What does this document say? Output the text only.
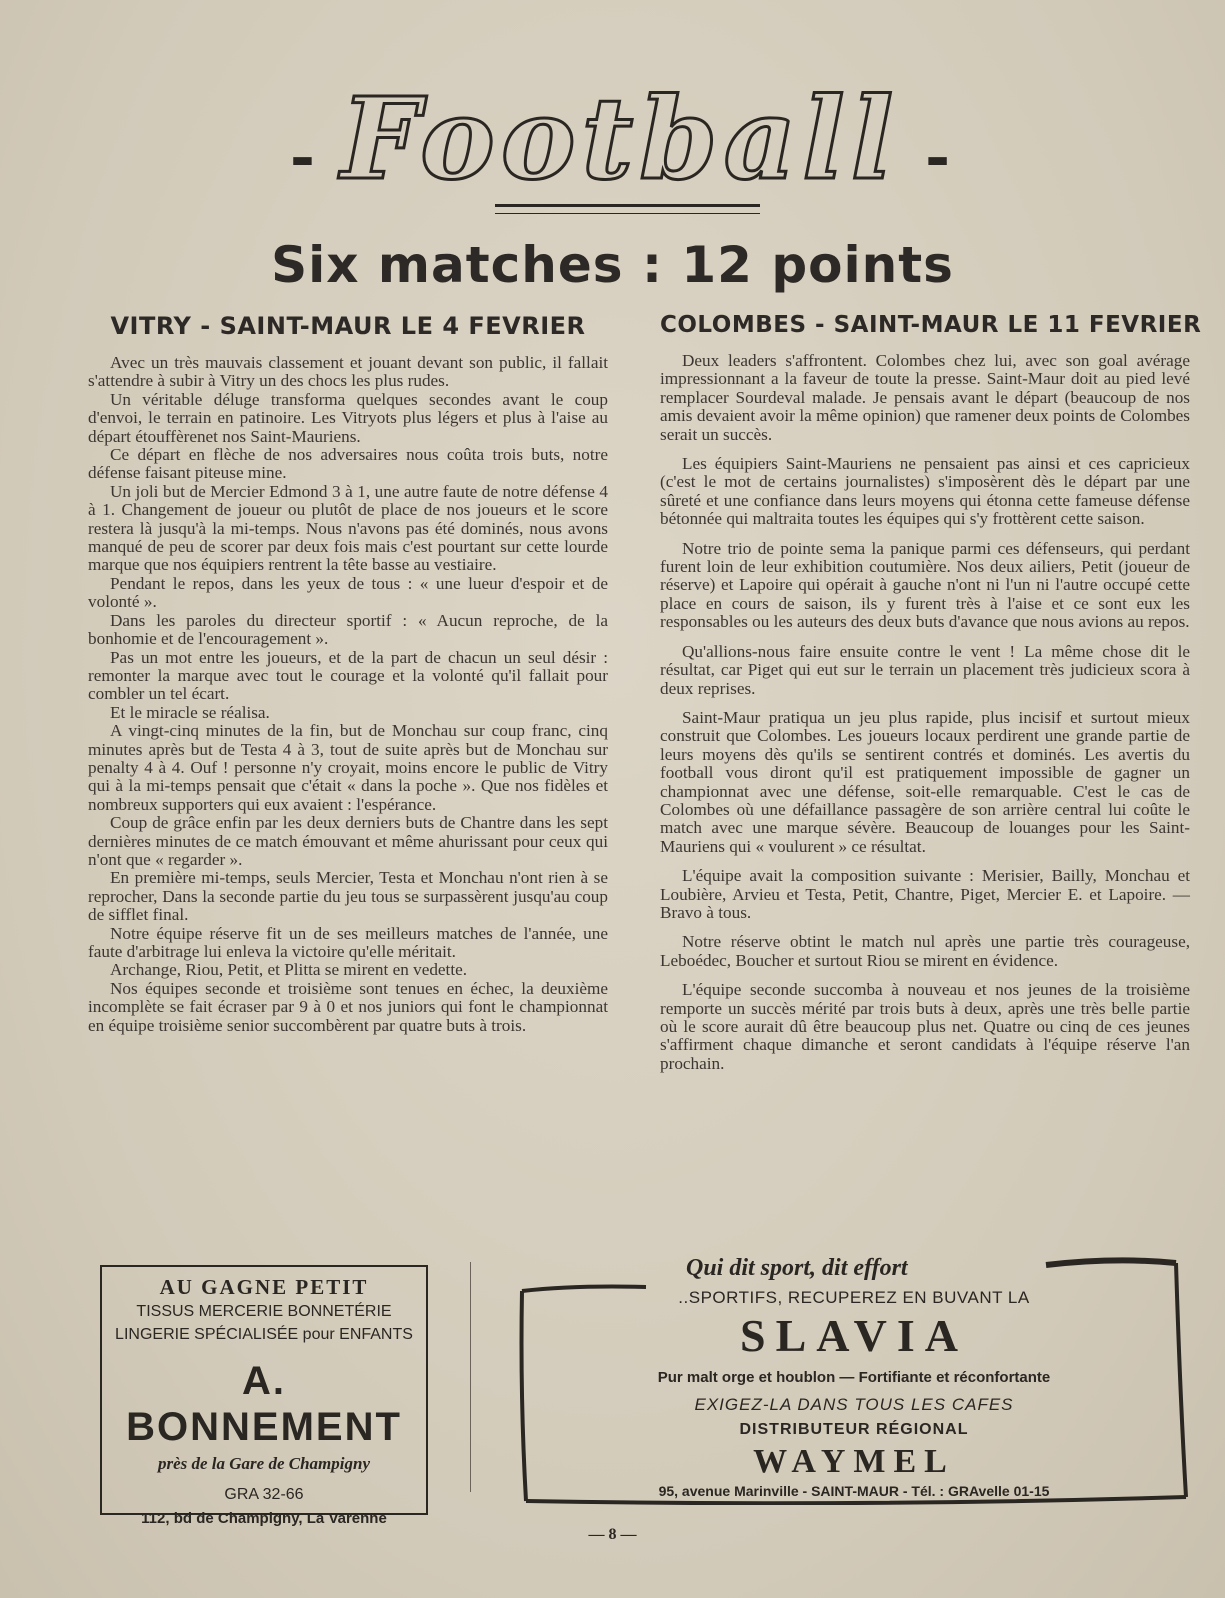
- Football -
Six matches : 12 points
VITRY - SAINT-MAUR LE 4 FEVRIER

Avec un très mauvais classement et jouant devant son public, il fallait s'attendre à subir à Vitry un des chocs les plus rudes.

Un véritable déluge transforma quelques secondes avant le coup d'envoi, le terrain en patinoire. Les Vitryots plus légers et plus à l'aise au départ étouffèrenet nos Saint-Mauriens.

Ce départ en flèche de nos adversaires nous coûta trois buts, notre défense faisant piteuse mine.

Un joli but de Mercier Edmond 3 à 1, une autre faute de notre défense 4 à 1. Changement de joueur ou plutôt de place de nos joueurs et le score restera là jusqu'à la mi-temps. Nous n'avons pas été dominés, nous avons manqué de peu de scorer par deux fois mais c'est pourtant sur cette lourde marque que nos équipiers rentrent la tête basse au vestiaire.

Pendant le repos, dans les yeux de tous : « une lueur d'espoir et de volonté ».

Dans les paroles du directeur sportif : « Aucun reproche, de la bonhomie et de l'encouragement ».

Pas un mot entre les joueurs, et de la part de chacun un seul désir : remonter la marque avec tout le courage et la volonté qu'il fallait pour combler un tel écart.

Et le miracle se réalisa.

A vingt-cinq minutes de la fin, but de Monchau sur coup franc, cinq minutes après but de Testa 4 à 3, tout de suite après but de Monchau sur penalty 4 à 4. Ouf ! personne n'y croyait, moins encore le public de Vitry qui à la mi-temps pensait que c'était « dans la poche ». Que nos fidèles et nombreux supporters qui eux avaient : l'espérance.

Coup de grâce enfin par les deux derniers buts de Chantre dans les sept dernières minutes de ce match émouvant et même ahurissant pour ceux qui n'ont que « regarder ».

En première mi-temps, seuls Mercier, Testa et Monchau n'ont rien à se reprocher, Dans la seconde partie du jeu tous se surpassèrent jusqu'au coup de sifflet final.

Notre équipe réserve fit un de ses meilleurs matches de l'année, une faute d'arbitrage lui enleva la victoire qu'elle méritait.

Archange, Riou, Petit, et Plitta se mirent en vedette.

Nos équipes seconde et troisième sont tenues en échec, la deuxième incomplète se fait écraser par 9 à 0 et nos juniors qui font le championnat en équipe troisième senior succombèrent par quatre buts à trois.

COLOMBES - SAINT-MAUR LE 11 FEVRIER

Deux leaders s'affrontent. Colombes chez lui, avec son goal avérage impressionnant a la faveur de toute la presse. Saint-Maur doit au pied levé remplacer Sourdeval malade. Je pensais avant le départ (beaucoup de nos amis devaient avoir la même opinion) que ramener deux points de Colombes serait un succès.

Les équipiers Saint-Mauriens ne pensaient pas ainsi et ces capricieux (c'est le mot de certains journalistes) s'imposèrent dès le départ par une sûreté et une confiance dans leurs moyens qui étonna cette fameuse défense bétonnée qui maltraita toutes les équipes qui s'y frottèrent cette saison.

Notre trio de pointe sema la panique parmi ces défenseurs, qui perdant furent loin de leur exhibition coutumière. Nos deux ailiers, Petit (joueur de réserve) et Lapoire qui opérait à gauche n'ont ni l'un ni l'autre occupé cette place en cours de saison, ils y furent très à l'aise et ce sont eux les responsables ou les auteurs des deux buts d'avance que nous avions au repos.

Qu'allions-nous faire ensuite contre le vent ! La même chose dit le résultat, car Piget qui eut sur le terrain un placement très judicieux scora à deux reprises.

Saint-Maur pratiqua un jeu plus rapide, plus incisif et surtout mieux construit que Colombes. Les joueurs locaux perdirent une grande partie de leurs moyens dès qu'ils se sentirent contrés et dominés. Les avertis du football vous diront qu'il est pratiquement impossible de gagner un championnat avec une défense, soit-elle remarquable. C'est le cas de Colombes où une défaillance passagère de son arrière central lui coûte le match avec une marque sévère. Beaucoup de louanges pour les Saint-Mauriens qui « voulurent » ce résultat.

L'équipe avait la composition suivante : Merisier, Bailly, Monchau et Loubière, Arvieu et Testa, Petit, Chantre, Piget, Mercier E. et Lapoire. — Bravo à tous.

Notre réserve obtint le match nul après une partie très courageuse, Leboédec, Boucher et surtout Riou se mirent en évidence.

L'équipe seconde succomba à nouveau et nos jeunes de la troisième remporte un succès mérité par trois buts à deux, après une très belle partie où le score aurait dû être beaucoup plus net. Quatre ou cinq de ces jeunes s'affirment chaque dimanche et seront candidats à l'équipe réserve l'an prochain.

AU GAGNE PETIT
TISSUS MERCERIE BONNETÉRIE
LINGERIE SPÉCIALISÉE pour ENFANTS
A. BONNEMENT
près de la Gare de Champigny
GRA 32-66
112, bd de Champigny, La Varenne
Qui dit sport, dit effort
..SPORTIFS, RECUPEREZ EN BUVANT LA
SLAVIA
Pur malt orge et houblon — Fortifiante et réconfortante
EXIGEZ-LA DANS TOUS LES CAFES
DISTRIBUTEUR RÉGIONAL
WAYMEL
95, avenue Marinville - SAINT-MAUR - Tél. : GRAvelle 01-15
— 8 —
